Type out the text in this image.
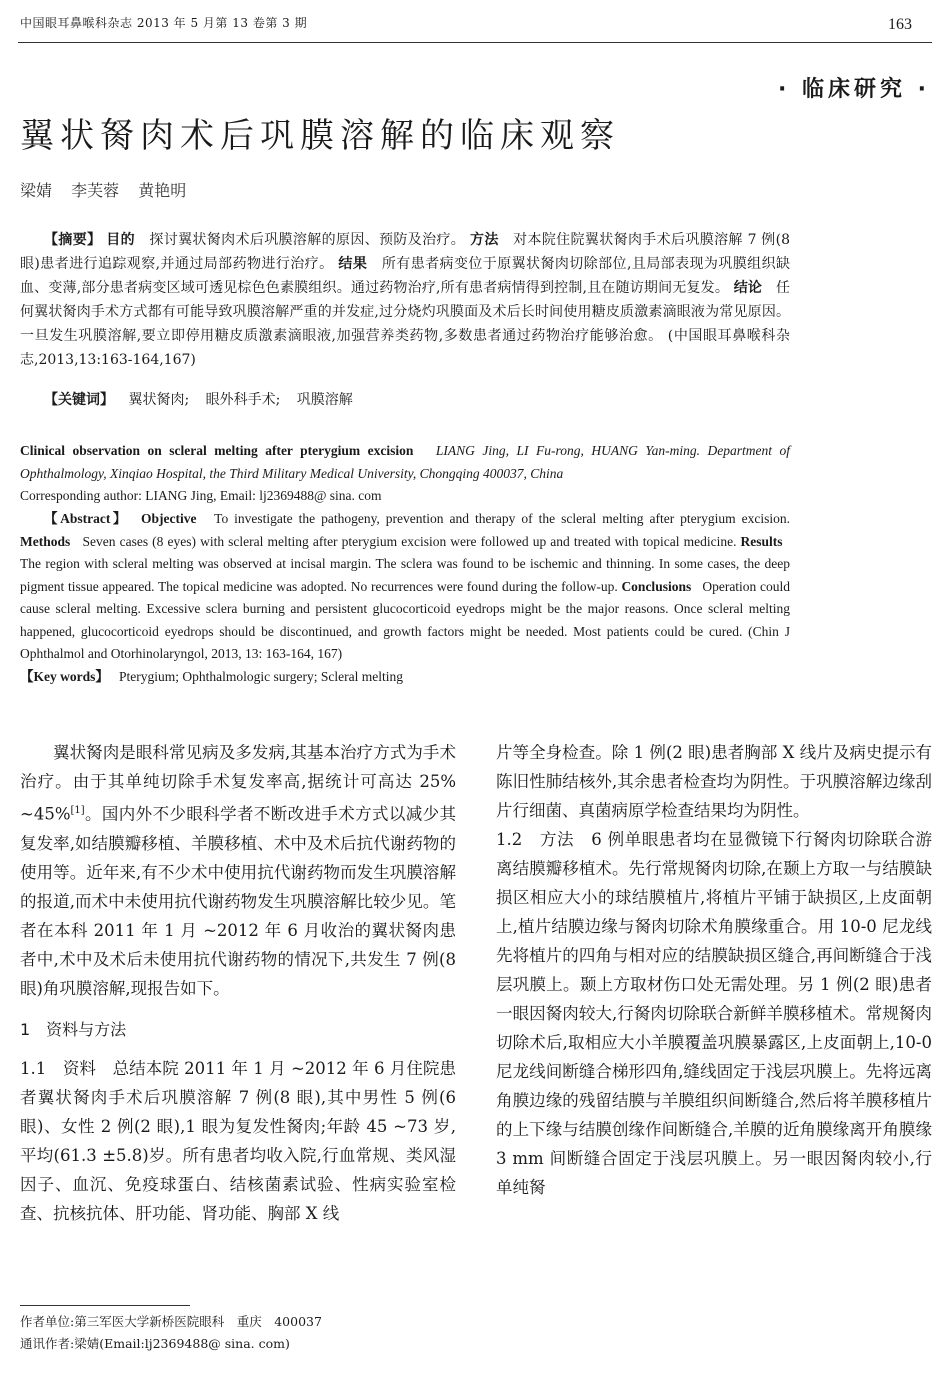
中国眼耳鼻喉科杂志 2013 年 5 月第 13 卷第 3 期	163
· 临床研究 ·
翼状胬肉术后巩膜溶解的临床观察
梁婧 李芙蓉 黄艳明
【摘要】 目的 探讨翼状胬肉术后巩膜溶解的原因、预防及治疗。 方法 对本院住院翼状胬肉手术后巩膜溶解 7 例(8 眼)患者进行追踪观察,并通过局部药物进行治疗。 结果 所有患者病变位于原翼状胬肉切除部位,且局部表现为巩膜组织缺血、变薄,部分患者病变区域可透见棕色色素膜组织。通过药物治疗,所有患者病情得到控制,且在随访期间无复发。 结论 任何翼状胬肉手术方式都有可能导致巩膜溶解严重的并发症,过分烧灼巩膜面及术后长时间使用糖皮质激素滴眼液为常见原因。一旦发生巩膜溶解,要立即停用糖皮质激素滴眼液,加强营养类药物,多数患者通过药物治疗能够治愈。 (中国眼耳鼻喉科杂志,2013,13:163-164,167)
【关键词】 翼状胬肉; 眼外科手术; 巩膜溶解
Clinical observation on scleral melting after pterygium excision LIANG Jing, LI Fu-rong, HUANG Yan-ming. Department of Ophthalmology, Xinqiao Hospital, the Third Military Medical University, Chongqing 400037, China
Corresponding author: LIANG Jing, Email: lj2369488@ sina. com
【Abstract】 Objective To investigate the pathogeny, prevention and therapy of the scleral melting after pterygium excision. Methods Seven cases (8 eyes) with scleral melting after pterygium excision were followed up and treated with topical medicine. Results   The region with scleral melting was observed at incisal margin. The sclera was found to be ischemic and thinning. In some cases, the deep pigment tissue appeared. The topical medicine was adopted. No recurrences were found during the follow-up. Conclusions Operation could cause scleral melting. Excessive sclera burning and persistent glucocorticoid eyedrops might be the major reasons. Once scleral melting happened, glucocorticoid eyedrops should be discontinued, and growth factors might be needed. Most patients could be cured. (Chin J Ophthalmol and Otorhinolaryngol, 2013, 13: 163-164, 167)
【Key words】 Pterygium; Ophthalmologic surgery; Scleral melting

翼状胬肉是眼科常见病及多发病,其基本治疗方式为手术治疗。由于其单纯切除手术复发率高,据统计可高达 25% ~45%[1]。国内外不少眼科学者不断改进手术方式以减少其复发率,如结膜瓣移植、羊膜移植、术中及术后抗代谢药物的使用等。近年来,有不少术中使用抗代谢药物而发生巩膜溶解的报道,而术中未使用抗代谢药物发生巩膜溶解比较少见。笔者在本科 2011 年 1 月 ~2012 年 6 月收治的翼状胬肉患者中,术中及术后未使用抗代谢药物的情况下,共发生 7 例(8 眼)角巩膜溶解,现报告如下。

1　资料与方法

1.1　资料　总结本院 2011 年 1 月 ~2012 年 6 月住院患者翼状胬肉手术后巩膜溶解 7 例(8 眼),其中男性 5 例(6 眼)、女性 2 例(2 眼),1 眼为复发性胬肉;年龄 45 ~73 岁,平均(61.3 ±5.8)岁。所有患者均收入院,行血常规、类风湿因子、血沉、免疫球蛋白、结核菌素试验、性病实验室检查、抗核抗体、肝功能、肾功能、胸部 X 线

片等全身检查。除 1 例(2 眼)患者胸部 X 线片及病史提示有陈旧性肺结核外,其余患者检查均为阴性。于巩膜溶解边缘刮片行细菌、真菌病原学检查结果均为阴性。

1.2　方法　6 例单眼患者均在显微镜下行胬肉切除联合游离结膜瓣移植术。先行常规胬肉切除,在颞上方取一与结膜缺损区相应大小的球结膜植片,将植片平铺于缺损区,上皮面朝上,植片结膜边缘与胬肉切除术角膜缘重合。用 10-0 尼龙线先将植片的四角与相对应的结膜缺损区缝合,再间断缝合于浅层巩膜上。颞上方取材伤口处无需处理。另 1 例(2 眼)患者一眼因胬肉较大,行胬肉切除联合新鲜羊膜移植术。常规胬肉切除术后,取相应大小羊膜覆盖巩膜暴露区,上皮面朝上,10-0 尼龙线间断缝合梯形四角,缝线固定于浅层巩膜上。先将远离角膜边缘的残留结膜与羊膜组织间断缝合,然后将羊膜移植片的上下缘与结膜创缘作间断缝合,羊膜的近角膜缘离开角膜缘 3 mm 间断缝合固定于浅层巩膜上。另一眼因胬肉较小,行单纯胬

作者单位:第三军医大学新桥医院眼科　重庆　400037
通讯作者:梁婧(Email:lj2369488@ sina. com)
